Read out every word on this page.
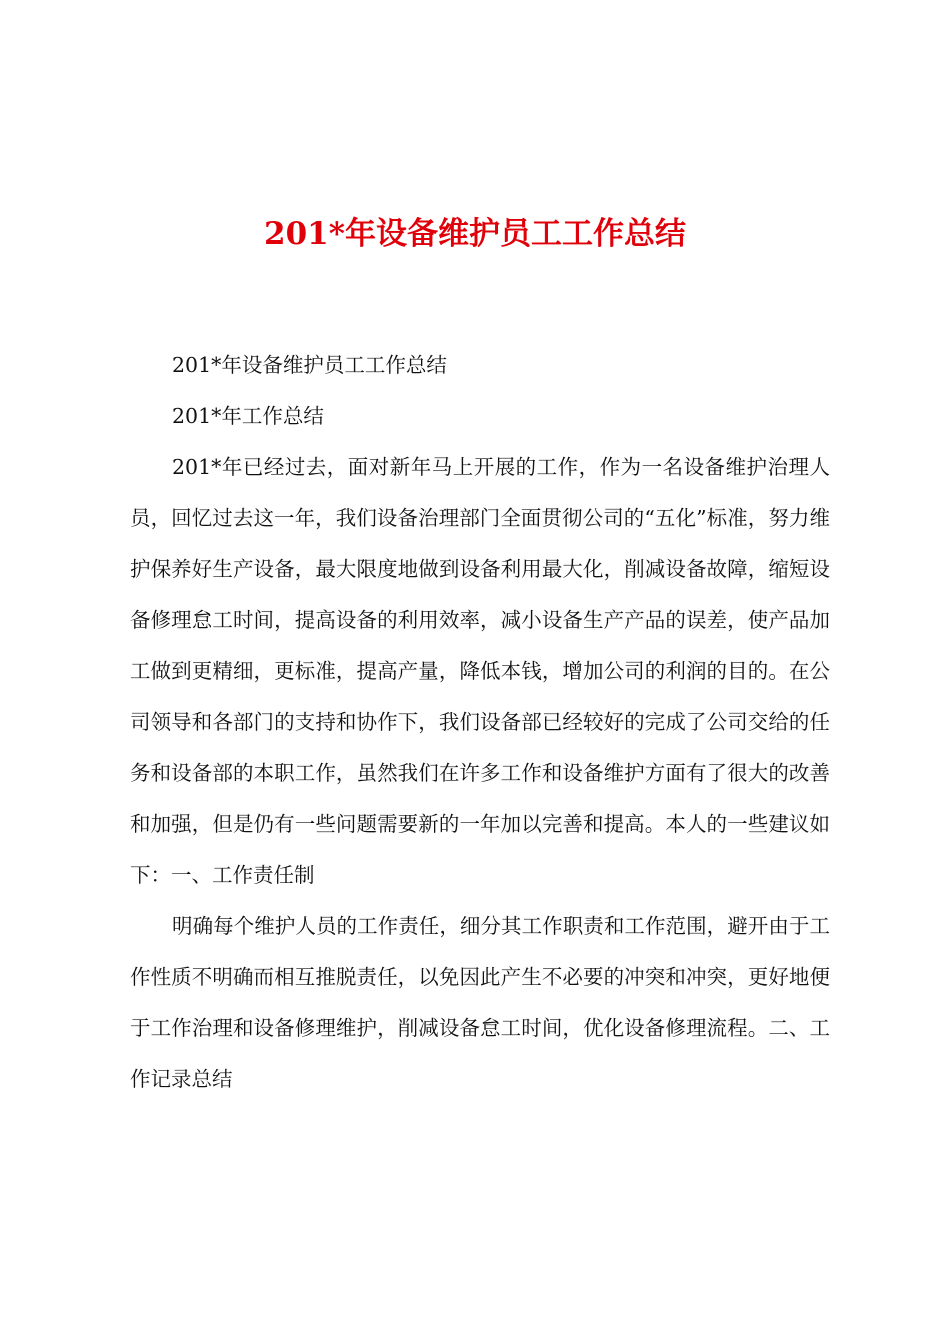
201*年设备维护员工工作总结

201*年设备维护员工工作总结

201*年工作总结

201*年已经过去，面对新年马上开展的工作，作为一名设备维护治理人员，回忆过去这一年，我们设备治理部门全面贯彻公司的“五化”标准，努力维护保养好生产设备，最大限度地做到设备利用最大化，削减设备故障，缩短设备修理怠工时间，提高设备的利用效率，减小设备生产产品的误差，使产品加工做到更精细，更标准，提高产量，降低本钱，增加公司的利润的目的。在公司领导和各部门的支持和协作下，我们设备部已经较好的完成了公司交给的任务和设备部的本职工作，虽然我们在许多工作和设备维护方面有了很大的改善和加强，但是仍有一些问题需要新的一年加以完善和提高。本人的一些建议如下：一、工作责任制

明确每个维护人员的工作责任，细分其工作职责和工作范围，避开由于工作性质不明确而相互推脱责任，以免因此产生不必要的冲突和冲突，更好地便于工作治理和设备修理维护，削减设备怠工时间，优化设备修理流程。二、工作记录总结
